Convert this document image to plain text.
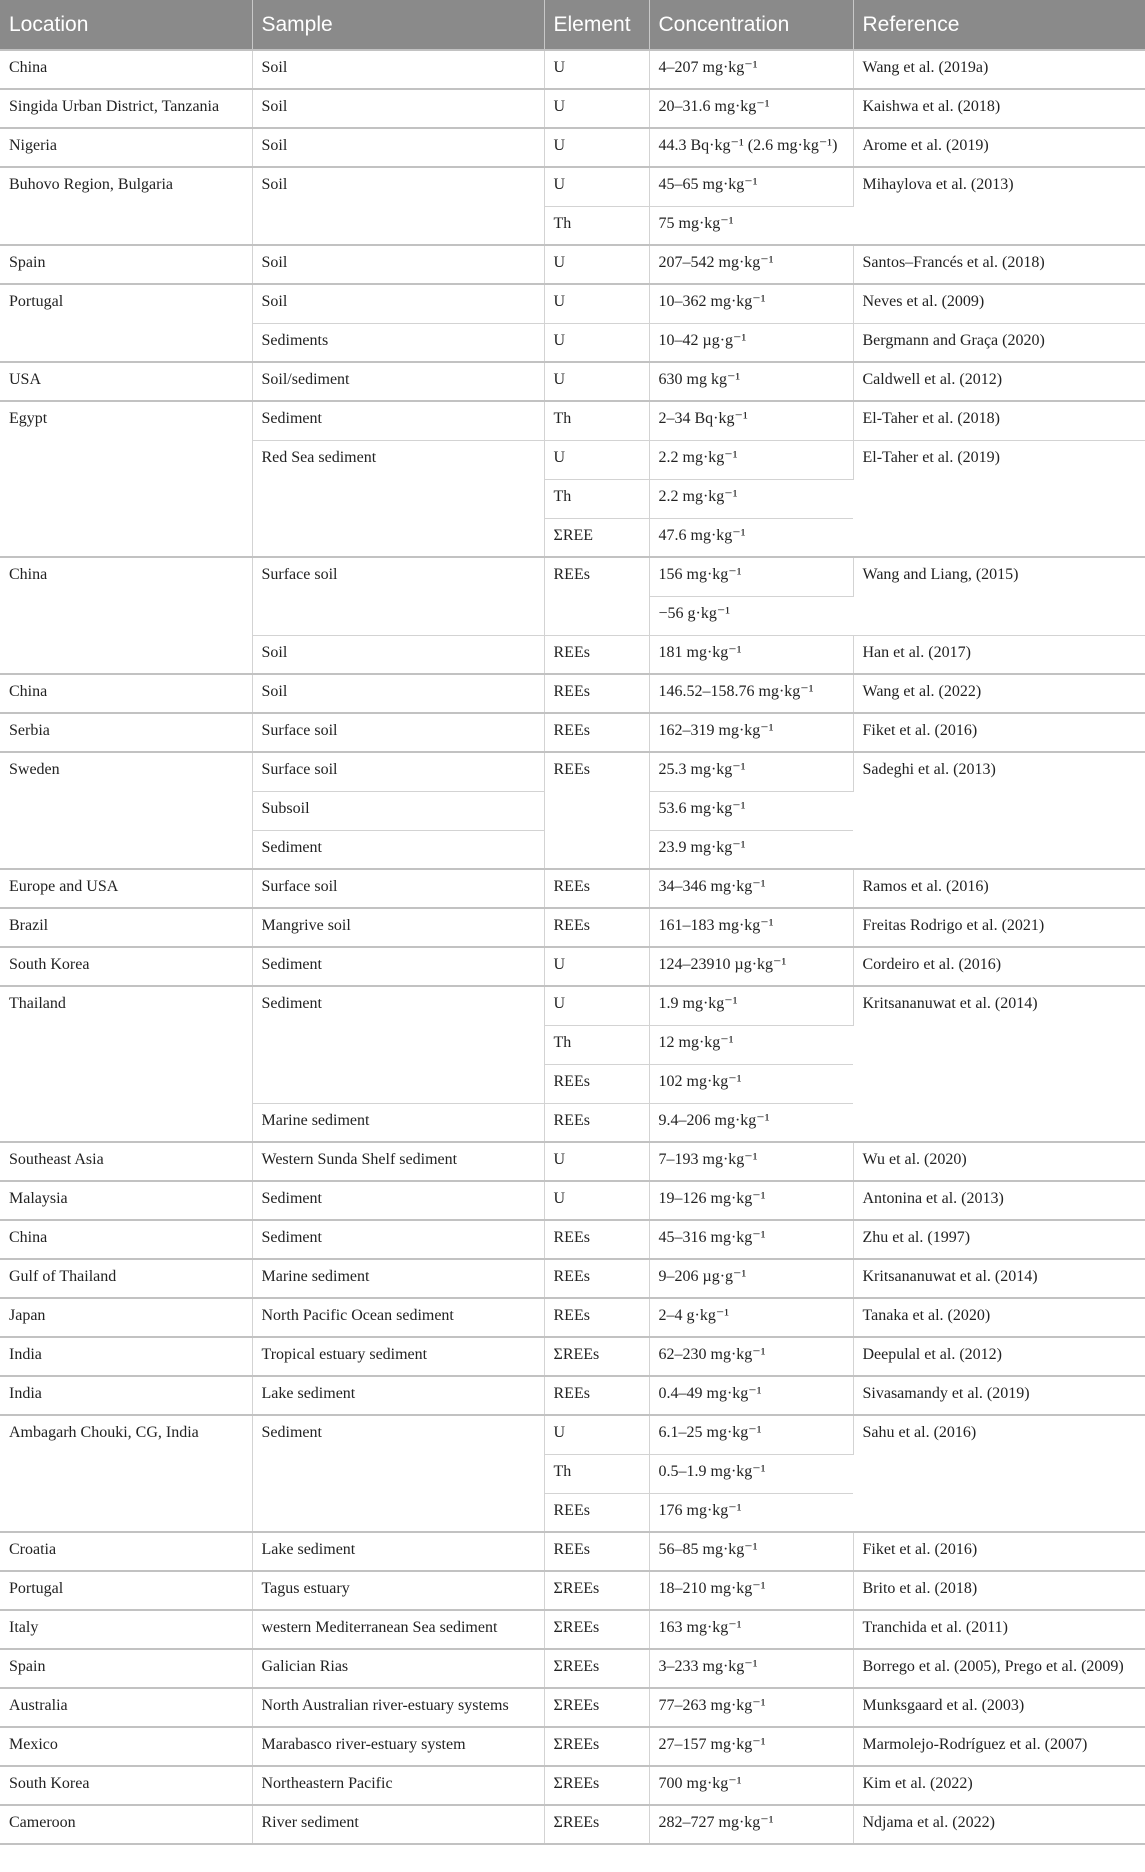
Location	Sample	Element	Concentration	Reference
China	Soil	U	4–207 mg·kg⁻¹	Wang et al. (2019a)
Singida Urban District, Tanzania	Soil	U	20–31.6 mg·kg⁻¹	Kaishwa et al. (2018)
Nigeria	Soil	U	44.3 Bq·kg⁻¹ (2.6 mg·kg⁻¹)	Arome et al. (2019)
Buhovo Region, Bulgaria	Soil	U	45–65 mg·kg⁻¹	Mihaylova et al. (2013)
		Th	75 mg·kg⁻¹	
Spain	Soil	U	207–542 mg·kg⁻¹	Santos–Francés et al. (2018)
Portugal	Soil	U	10–362 mg·kg⁻¹	Neves et al. (2009)
	Sediments	U	10–42 µg·g⁻¹	Bergmann and Graça (2020)
USA	Soil/sediment	U	630 mg kg⁻¹	Caldwell et al. (2012)
Egypt	Sediment	Th	2–34 Bq·kg⁻¹	El-Taher et al. (2018)
	Red Sea sediment	U	2.2 mg·kg⁻¹	El-Taher et al. (2019)
		Th	2.2 mg·kg⁻¹	
		ΣREE	47.6 mg·kg⁻¹	
China	Surface soil	REEs	156 mg·kg⁻¹	Wang and Liang, (2015)
			−56 g·kg⁻¹	
	Soil	REEs	181 mg·kg⁻¹	Han et al. (2017)
China	Soil	REEs	146.52–158.76 mg·kg⁻¹	Wang et al. (2022)
Serbia	Surface soil	REEs	162–319 mg·kg⁻¹	Fiket et al. (2016)
Sweden	Surface soil	REEs	25.3 mg·kg⁻¹	Sadeghi et al. (2013)
	Subsoil		53.6 mg·kg⁻¹	
	Sediment		23.9 mg·kg⁻¹	
Europe and USA	Surface soil	REEs	34–346 mg·kg⁻¹	Ramos et al. (2016)
Brazil	Mangrive soil	REEs	161–183 mg·kg⁻¹	Freitas Rodrigo et al. (2021)
South Korea	Sediment	U	124–23910 µg·kg⁻¹	Cordeiro et al. (2016)
Thailand	Sediment	U	1.9 mg·kg⁻¹	Kritsananuwat et al. (2014)
		Th	12 mg·kg⁻¹	
		REEs	102 mg·kg⁻¹	
	Marine sediment	REEs	9.4–206 mg·kg⁻¹	
Southeast Asia	Western Sunda Shelf sediment	U	7–193 mg·kg⁻¹	Wu et al. (2020)
Malaysia	Sediment	U	19–126 mg·kg⁻¹	Antonina et al. (2013)
China	Sediment	REEs	45–316 mg·kg⁻¹	Zhu et al. (1997)
Gulf of Thailand	Marine sediment	REEs	9–206 µg·g⁻¹	Kritsananuwat et al. (2014)
Japan	North Pacific Ocean sediment	REEs	2–4 g·kg⁻¹	Tanaka et al. (2020)
India	Tropical estuary sediment	ΣREEs	62–230 mg·kg⁻¹	Deepulal et al. (2012)
India	Lake sediment	REEs	0.4–49 mg·kg⁻¹	Sivasamandy et al. (2019)
Ambagarh Chouki, CG, India	Sediment	U	6.1–25 mg·kg⁻¹	Sahu et al. (2016)
		Th	0.5–1.9 mg·kg⁻¹	
		REEs	176 mg·kg⁻¹	
Croatia	Lake sediment	REEs	56–85 mg·kg⁻¹	Fiket et al. (2016)
Portugal	Tagus estuary	ΣREEs	18–210 mg·kg⁻¹	Brito et al. (2018)
Italy	western Mediterranean Sea sediment	ΣREEs	163 mg·kg⁻¹	Tranchida et al. (2011)
Spain	Galician Rias	ΣREEs	3–233 mg·kg⁻¹	Borrego et al. (2005), Prego et al. (2009)
Australia	North Australian river-estuary systems	ΣREEs	77–263 mg·kg⁻¹	Munksgaard et al. (2003)
Mexico	Marabasco river-estuary system	ΣREEs	27–157 mg·kg⁻¹	Marmolejo-Rodríguez et al. (2007)
South Korea	Northeastern Pacific	ΣREEs	700 mg·kg⁻¹	Kim et al. (2022)
Cameroon	River sediment	ΣREEs	282–727 mg·kg⁻¹	Ndjama et al. (2022)
